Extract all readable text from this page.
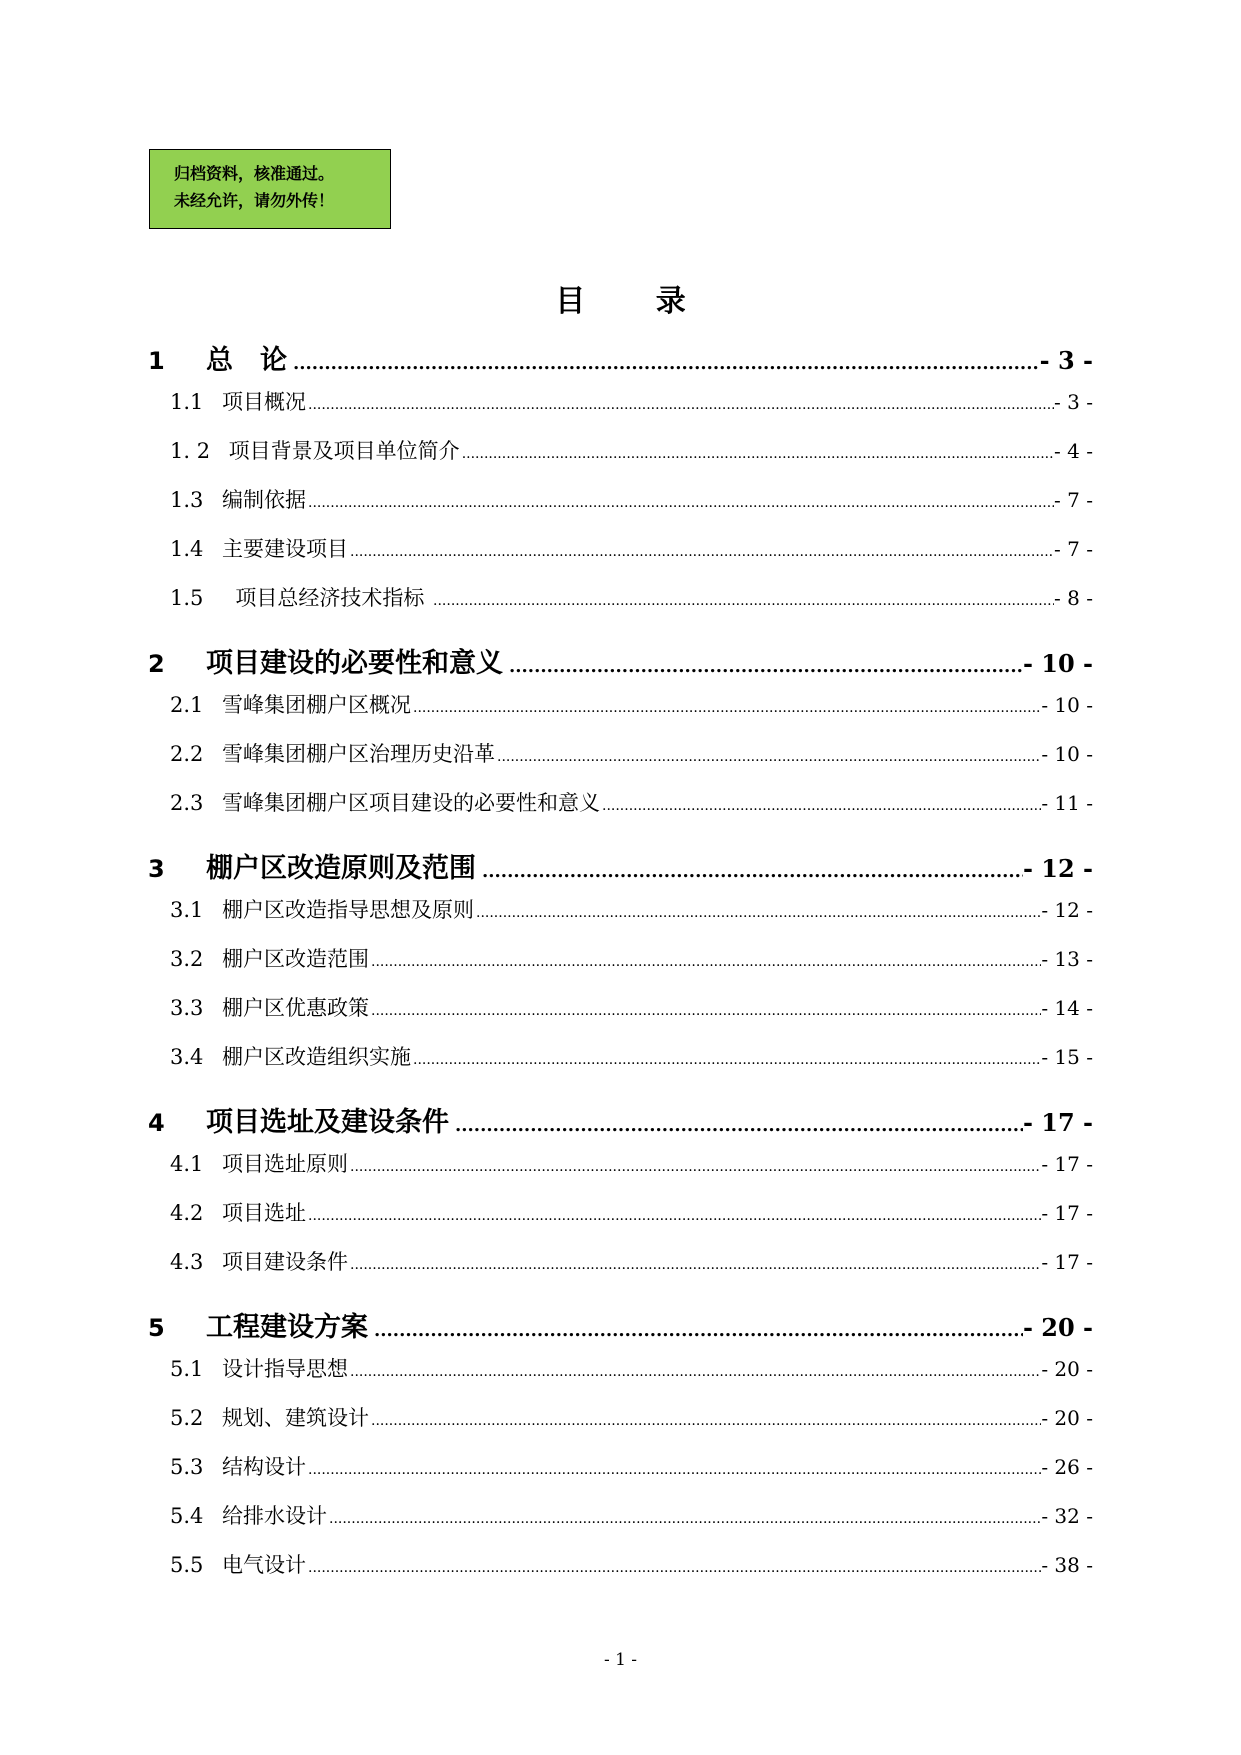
归档资料，核准通过。
未经允许，请勿外传！
目 录
1	总　论 .....	- 3 -
1.1 项目概况 .....	- 3 -
1. 2 项目背景及项目单位简介 .....	- 4 -
1.3 编制依据 .....	- 7 -
1.4 主要建设项目 .....	- 7 -
1.5 项目总经济技术指标 .....	- 8 -
2	项目建设的必要性和意义 .....	- 10 -
2.1 雪峰集团棚户区概况 .....	- 10 -
2.2 雪峰集团棚户区治理历史沿革 .....	- 10 -
2.3 雪峰集团棚户区项目建设的必要性和意义 .....	- 11 -
3	棚户区改造原则及范围 .....	- 12 -
3.1 棚户区改造指导思想及原则 .....	- 12 -
3.2 棚户区改造范围 .....	- 13 -
3.3 棚户区优惠政策 .....	- 14 -
3.4 棚户区改造组织实施 .....	- 15 -
4	项目选址及建设条件 .....	- 17 -
4.1 项目选址原则 .....	- 17 -
4.2 项目选址 .....	- 17 -
4.3 项目建设条件 .....	- 17 -
5	工程建设方案 .....	- 20 -
5.1 设计指导思想 .....	- 20 -
5.2 规划、建筑设计 .....	- 20 -
5.3 结构设计 .....	- 26 -
5.4 给排水设计 .....	- 32 -
5.5 电气设计 .....	- 38 -
- 1 -
